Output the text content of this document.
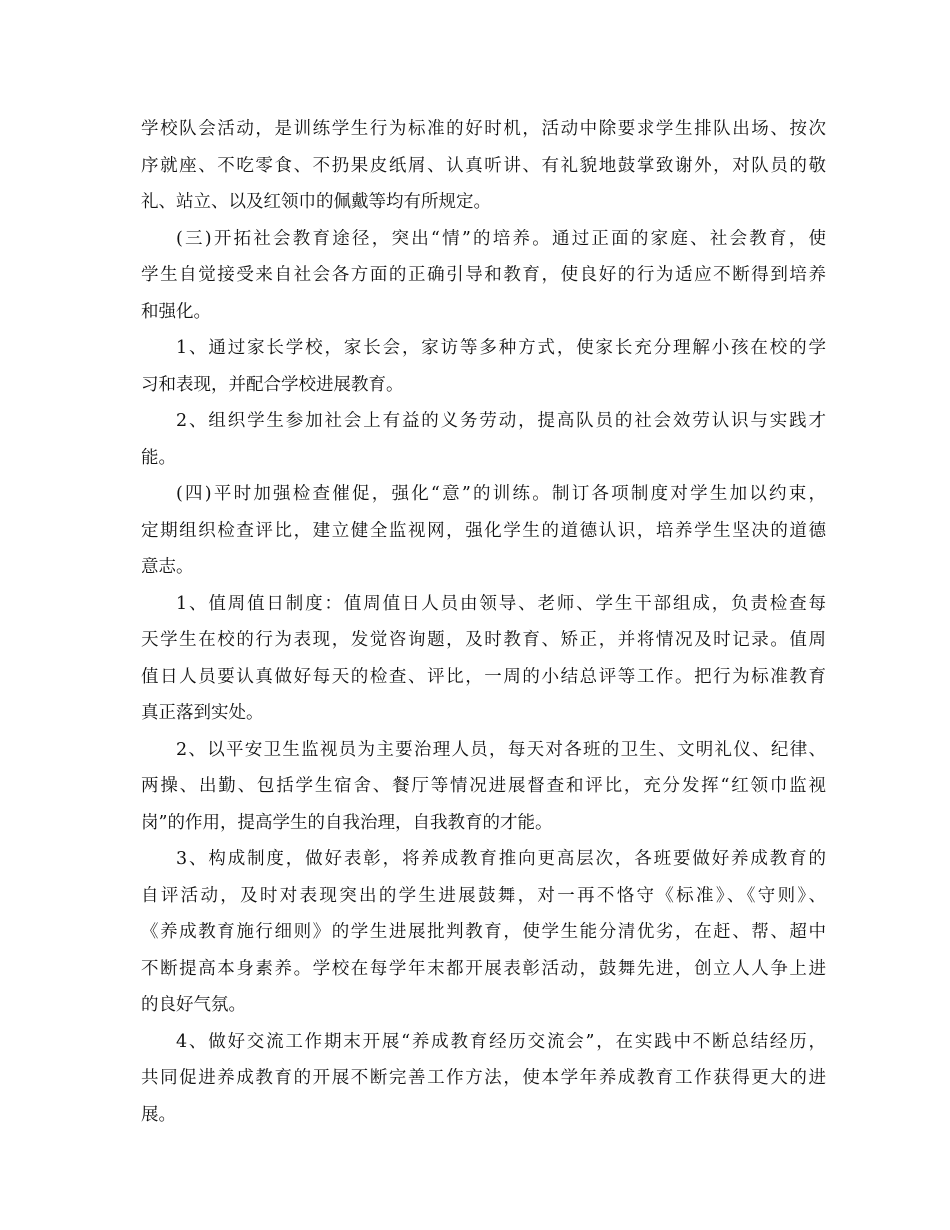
学校队会活动，是训练学生行为标准的好时机，活动中除要求学生排队出场、按次
序就座、不吃零食、不扔果皮纸屑、认真听讲、有礼貌地鼓掌致谢外，对队员的敬
礼、站立、以及红领巾的佩戴等均有所规定。
(三)开拓社会教育途径，突出“情”的培养。通过正面的家庭、社会教育，使
学生自觉接受来自社会各方面的正确引导和教育，使良好的行为适应不断得到培养
和强化。
1、通过家长学校，家长会，家访等多种方式，使家长充分理解小孩在校的学
习和表现，并配合学校进展教育。
2、组织学生参加社会上有益的义务劳动，提高队员的社会效劳认识与实践才
能。
(四)平时加强检查催促，强化“意”的训练。制订各项制度对学生加以约束，
定期组织检查评比，建立健全监视网，强化学生的道德认识，培养学生坚决的道德
意志。
1、值周值日制度：值周值日人员由领导、老师、学生干部组成，负责检查每
天学生在校的行为表现，发觉咨询题，及时教育、矫正，并将情况及时记录。值周
值日人员要认真做好每天的检查、评比，一周的小结总评等工作。把行为标准教育
真正落到实处。
2、以平安卫生监视员为主要治理人员，每天对各班的卫生、文明礼仪、纪律、
两操、出勤、包括学生宿舍、餐厅等情况进展督查和评比，充分发挥“红领巾监视
岗”的作用，提高学生的自我治理，自我教育的才能。
3、构成制度，做好表彰，将养成教育推向更高层次，各班要做好养成教育的
自评活动，及时对表现突出的学生进展鼓舞，对一再不恪守《标准》、《守则》、
《养成教育施行细则》的学生进展批判教育，使学生能分清优劣，在赶、帮、超中
不断提高本身素养。学校在每学年末都开展表彰活动，鼓舞先进，创立人人争上进
的良好气氛。
4、做好交流工作期末开展“养成教育经历交流会”，在实践中不断总结经历，
共同促进养成教育的开展不断完善工作方法，使本学年养成教育工作获得更大的进
展。
